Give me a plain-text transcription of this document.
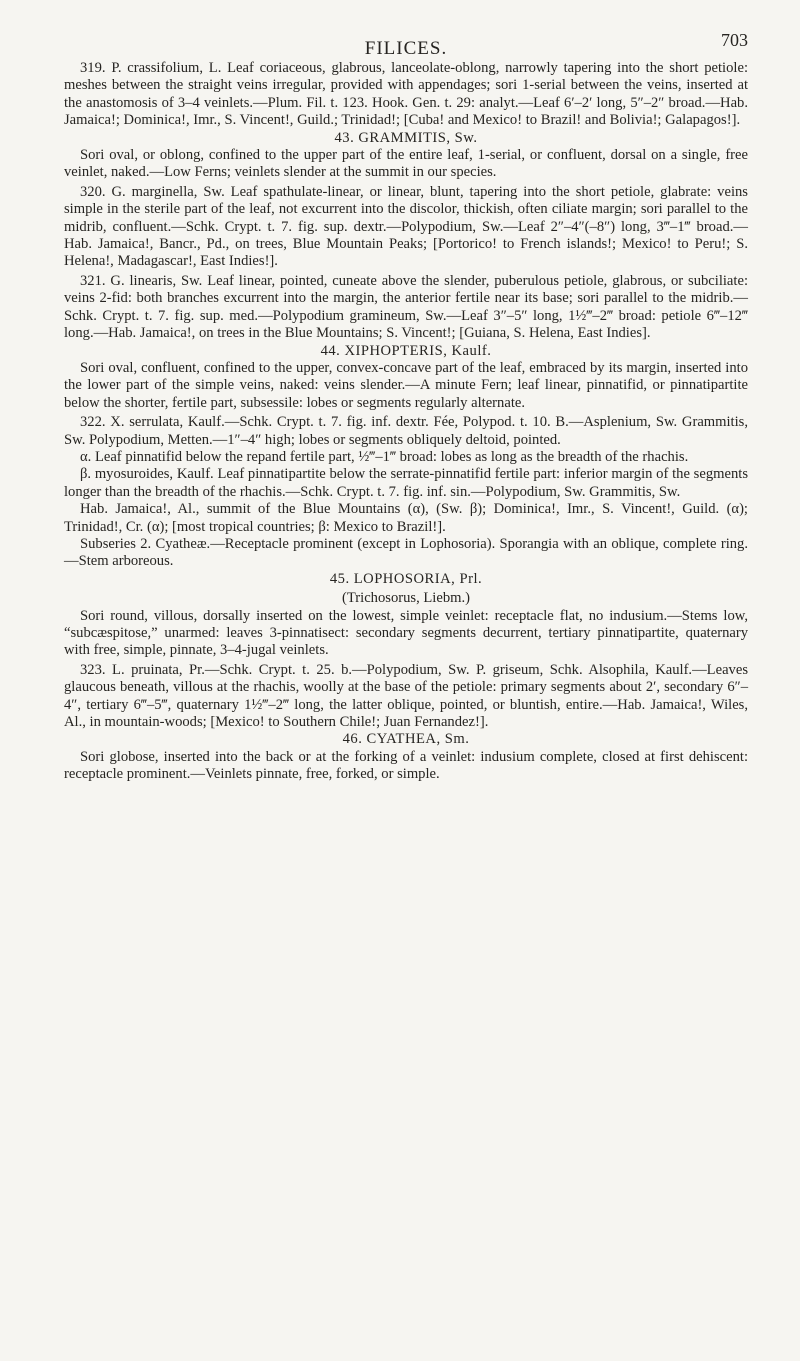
FILICES.	703

319. P. crassifolium, L. Leaf coriaceous, glabrous, lanceolate-oblong, narrowly tapering into the short petiole: meshes between the straight veins irregular, provided with appendages; sori 1-serial between the veins, inserted at the anastomosis of 3–4 veinlets.—Plum. Fil. t. 123. Hook. Gen. t. 29: analyt.—Leaf 6′–2′ long, 5″–2″ broad.—Hab. Jamaica!; Dominica!, Imr., S. Vincent!, Guild.; Trinidad!; [Cuba! and Mexico! to Brazil! and Bolivia!; Galapagos!].

43. GRAMMITIS, Sw.

Sori oval, or oblong, confined to the upper part of the entire leaf, 1-serial, or confluent, dorsal on a single, free veinlet, naked.—Low Ferns; veinlets slender at the summit in our species.

320. G. marginella, Sw. Leaf spathulate-linear, or linear, blunt, tapering into the short petiole, glabrate: veins simple in the sterile part of the leaf, not excurrent into the discolor, thickish, often ciliate margin; sori parallel to the midrib, confluent.—Schk. Crypt. t. 7. fig. sup. dextr.—Polypodium, Sw.—Leaf 2″–4″(–8″) long, 3‴–1‴ broad.—Hab. Jamaica!, Bancr., Pd., on trees, Blue Mountain Peaks; [Portorico! to French islands!; Mexico! to Peru!; S. Helena!, Madagascar!, East Indies!].

321. G. linearis, Sw. Leaf linear, pointed, cuneate above the slender, puberulous petiole, glabrous, or subciliate: veins 2-fid: both branches excurrent into the margin, the anterior fertile near its base; sori parallel to the midrib.—Schk. Crypt. t. 7. fig. sup. med.—Polypodium gramineum, Sw.—Leaf 3″–5″ long, 1½‴–2‴ broad: petiole 6‴–12‴ long.—Hab. Jamaica!, on trees in the Blue Mountains; S. Vincent!; [Guiana, S. Helena, East Indies].

44. XIPHOPTERIS, Kaulf.

Sori oval, confluent, confined to the upper, convex-concave part of the leaf, embraced by its margin, inserted into the lower part of the simple veins, naked: veins slender.—A minute Fern; leaf linear, pinnatifid, or pinnatipartite below the shorter, fertile part, subsessile: lobes or segments regularly alternate.

322. X. serrulata, Kaulf.—Schk. Crypt. t. 7. fig. inf. dextr. Fée, Polypod. t. 10. B.—Asplenium, Sw. Grammitis, Sw. Polypodium, Metten.—1″–4″ high; lobes or segments obliquely deltoid, pointed.

α. Leaf pinnatifid below the repand fertile part, ½‴–1‴ broad: lobes as long as the breadth of the rhachis.

β. myosuroides, Kaulf. Leaf pinnatipartite below the serrate-pinnatifid fertile part: inferior margin of the segments longer than the breadth of the rhachis.—Schk. Crypt. t. 7. fig. inf. sin.—Polypodium, Sw. Grammitis, Sw.

Hab. Jamaica!, Al., summit of the Blue Mountains (α), (Sw. β); Dominica!, Imr., S. Vincent!, Guild. (α); Trinidad!, Cr. (α); [most tropical countries; β: Mexico to Brazil!].

Subseries 2. Cyatheæ.—Receptacle prominent (except in Lophosoria). Sporangia with an oblique, complete ring.—Stem arboreous.

45. LOPHOSORIA, Prl.

(Trichosorus, Liebm.)

Sori round, villous, dorsally inserted on the lowest, simple veinlet: receptacle flat, no indusium.—Stems low, “subcæspitose,” unarmed: leaves 3-pinnatisect: secondary segments decurrent, tertiary pinnatipartite, quaternary with free, simple, pinnate, 3–4-jugal veinlets.

323. L. pruinata, Pr.—Schk. Crypt. t. 25. b.—Polypodium, Sw. P. griseum, Schk. Alsophila, Kaulf.—Leaves glaucous beneath, villous at the rhachis, woolly at the base of the petiole: primary segments about 2′, secondary 6″–4″, tertiary 6‴–5‴, quaternary 1½‴–2‴ long, the latter oblique, pointed, or bluntish, entire.—Hab. Jamaica!, Wiles, Al., in mountain-woods; [Mexico! to Southern Chile!; Juan Fernandez!].

46. CYATHEA, Sm.

Sori globose, inserted into the back or at the forking of a veinlet: indusium complete, closed at first dehiscent: receptacle prominent.—Veinlets pinnate, free, forked, or simple.
